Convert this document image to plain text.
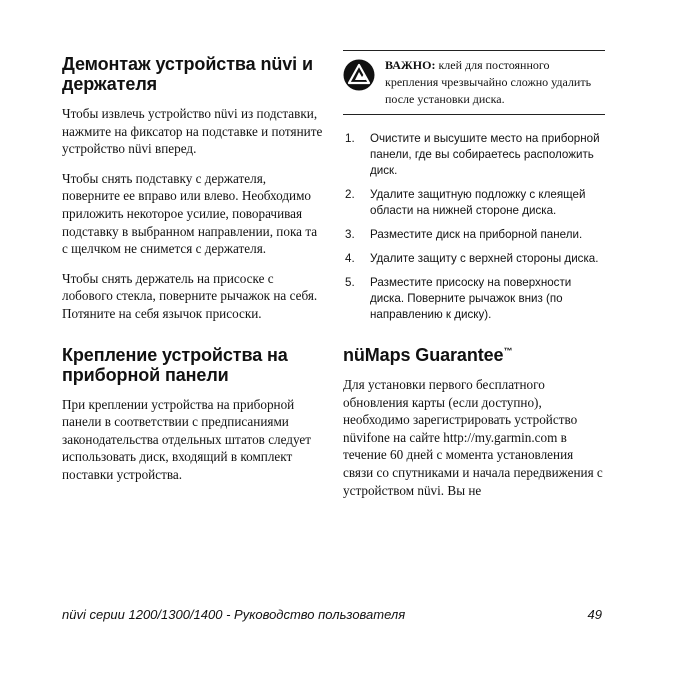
Демонтаж устройства nüvi и держателя

Чтобы извлечь устройство nüvi из подставки, нажмите на фиксатор на подставке и потяните устройство nüvi вперед.

Чтобы снять подставку с держателя, поверните ее вправо или влево. Необходимо приложить некоторое усилие, поворачивая подставку в выбранном направлении, пока та с щелчком не снимется с держателя.

Чтобы снять держатель на присоске с лобового стекла, поверните рычажок на себя. Потяните на себя язычок присоски.

Крепление устройства на приборной панели

При креплении устройства на приборной панели в соответствии с предписаниями законодательства отдельных штатов следует использовать диск, входящий в комплект поставки устройства.

ВАЖНО: клей для постоянного крепления чрезвычайно сложно удалить после установки диска.

1. Очистите и высушите место на приборной панели, где вы собираетесь расположить диск.
2. Удалите защитную подложку с клеящей области на нижней стороне диска.
3. Разместите диск на приборной панели.
4. Удалите защиту с верхней стороны диска.
5. Разместите присоску на поверхности диска. Поверните рычажок вниз (по направлению к диску).
nüMaps Guarantee™

Для установки первого бесплатного обновления карты (если доступно), необходимо зарегистрировать устройство nüvifone на сайте http://my.garmin.com в течение 60 дней с момента установления связи со спутниками и начала передвижения с устройством nüvi. Вы не

nüvi серии 1200/1300/1400 - Руководство пользователя	49
